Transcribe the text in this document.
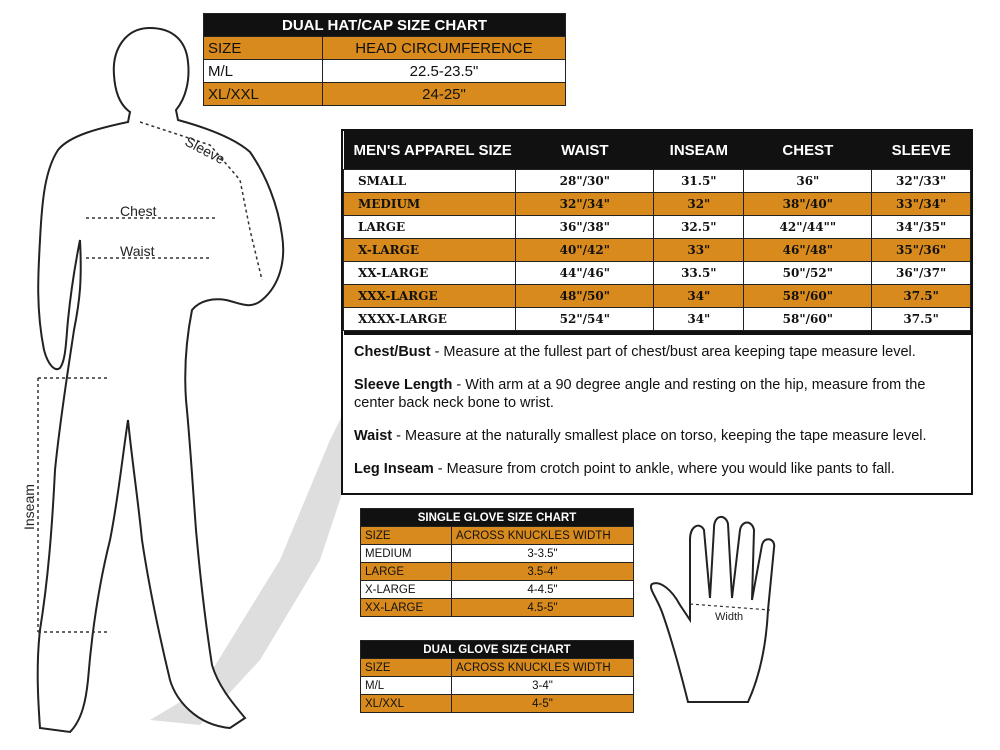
Sleeve
Chest
Waist
Inseam
Width
DUAL HAT/CAP SIZE CHART	
SIZE	HEAD CIRCUMFERENCE
M/L	22.5-23.5"
XL/XXL	24-25"
MEN'S APPAREL SIZE	WAIST	INSEAM	CHEST	SLEEVE
SMALL	28"/30"	31.5"	36"	32"/33"
MEDIUM	32"/34"	32"	38"/40"	33"/34"
LARGE	36"/38"	32.5"	42"/44""	34"/35"
X-LARGE	40"/42"	33"	46"/48"	35"/36"
XX-LARGE	44"/46"	33.5"	50"/52"	36"/37"
XXX-LARGE	48"/50"	34"	58"/60"	37.5"
XXXX-LARGE	52"/54"	34"	58"/60"	37.5"

Chest/Bust - Measure at the fullest part of chest/bust area keeping tape measure level.

Sleeve Length - With arm at a 90 degree angle and resting on the hip, measure from the center back neck bone to wrist.

Waist - Measure at the naturally smallest place on torso, keeping the tape measure level.

Leg Inseam - Measure from crotch point to ankle, where you would like pants to fall.

SINGLE GLOVE SIZE CHART	
SIZE	ACROSS KNUCKLES WIDTH
MEDIUM	3-3.5"
LARGE	3.5-4"
X-LARGE	4-4.5"
XX-LARGE	4.5-5"
DUAL GLOVE SIZE CHART	
SIZE	ACROSS KNUCKLES WIDTH
M/L	3-4"
XL/XXL	4-5"
